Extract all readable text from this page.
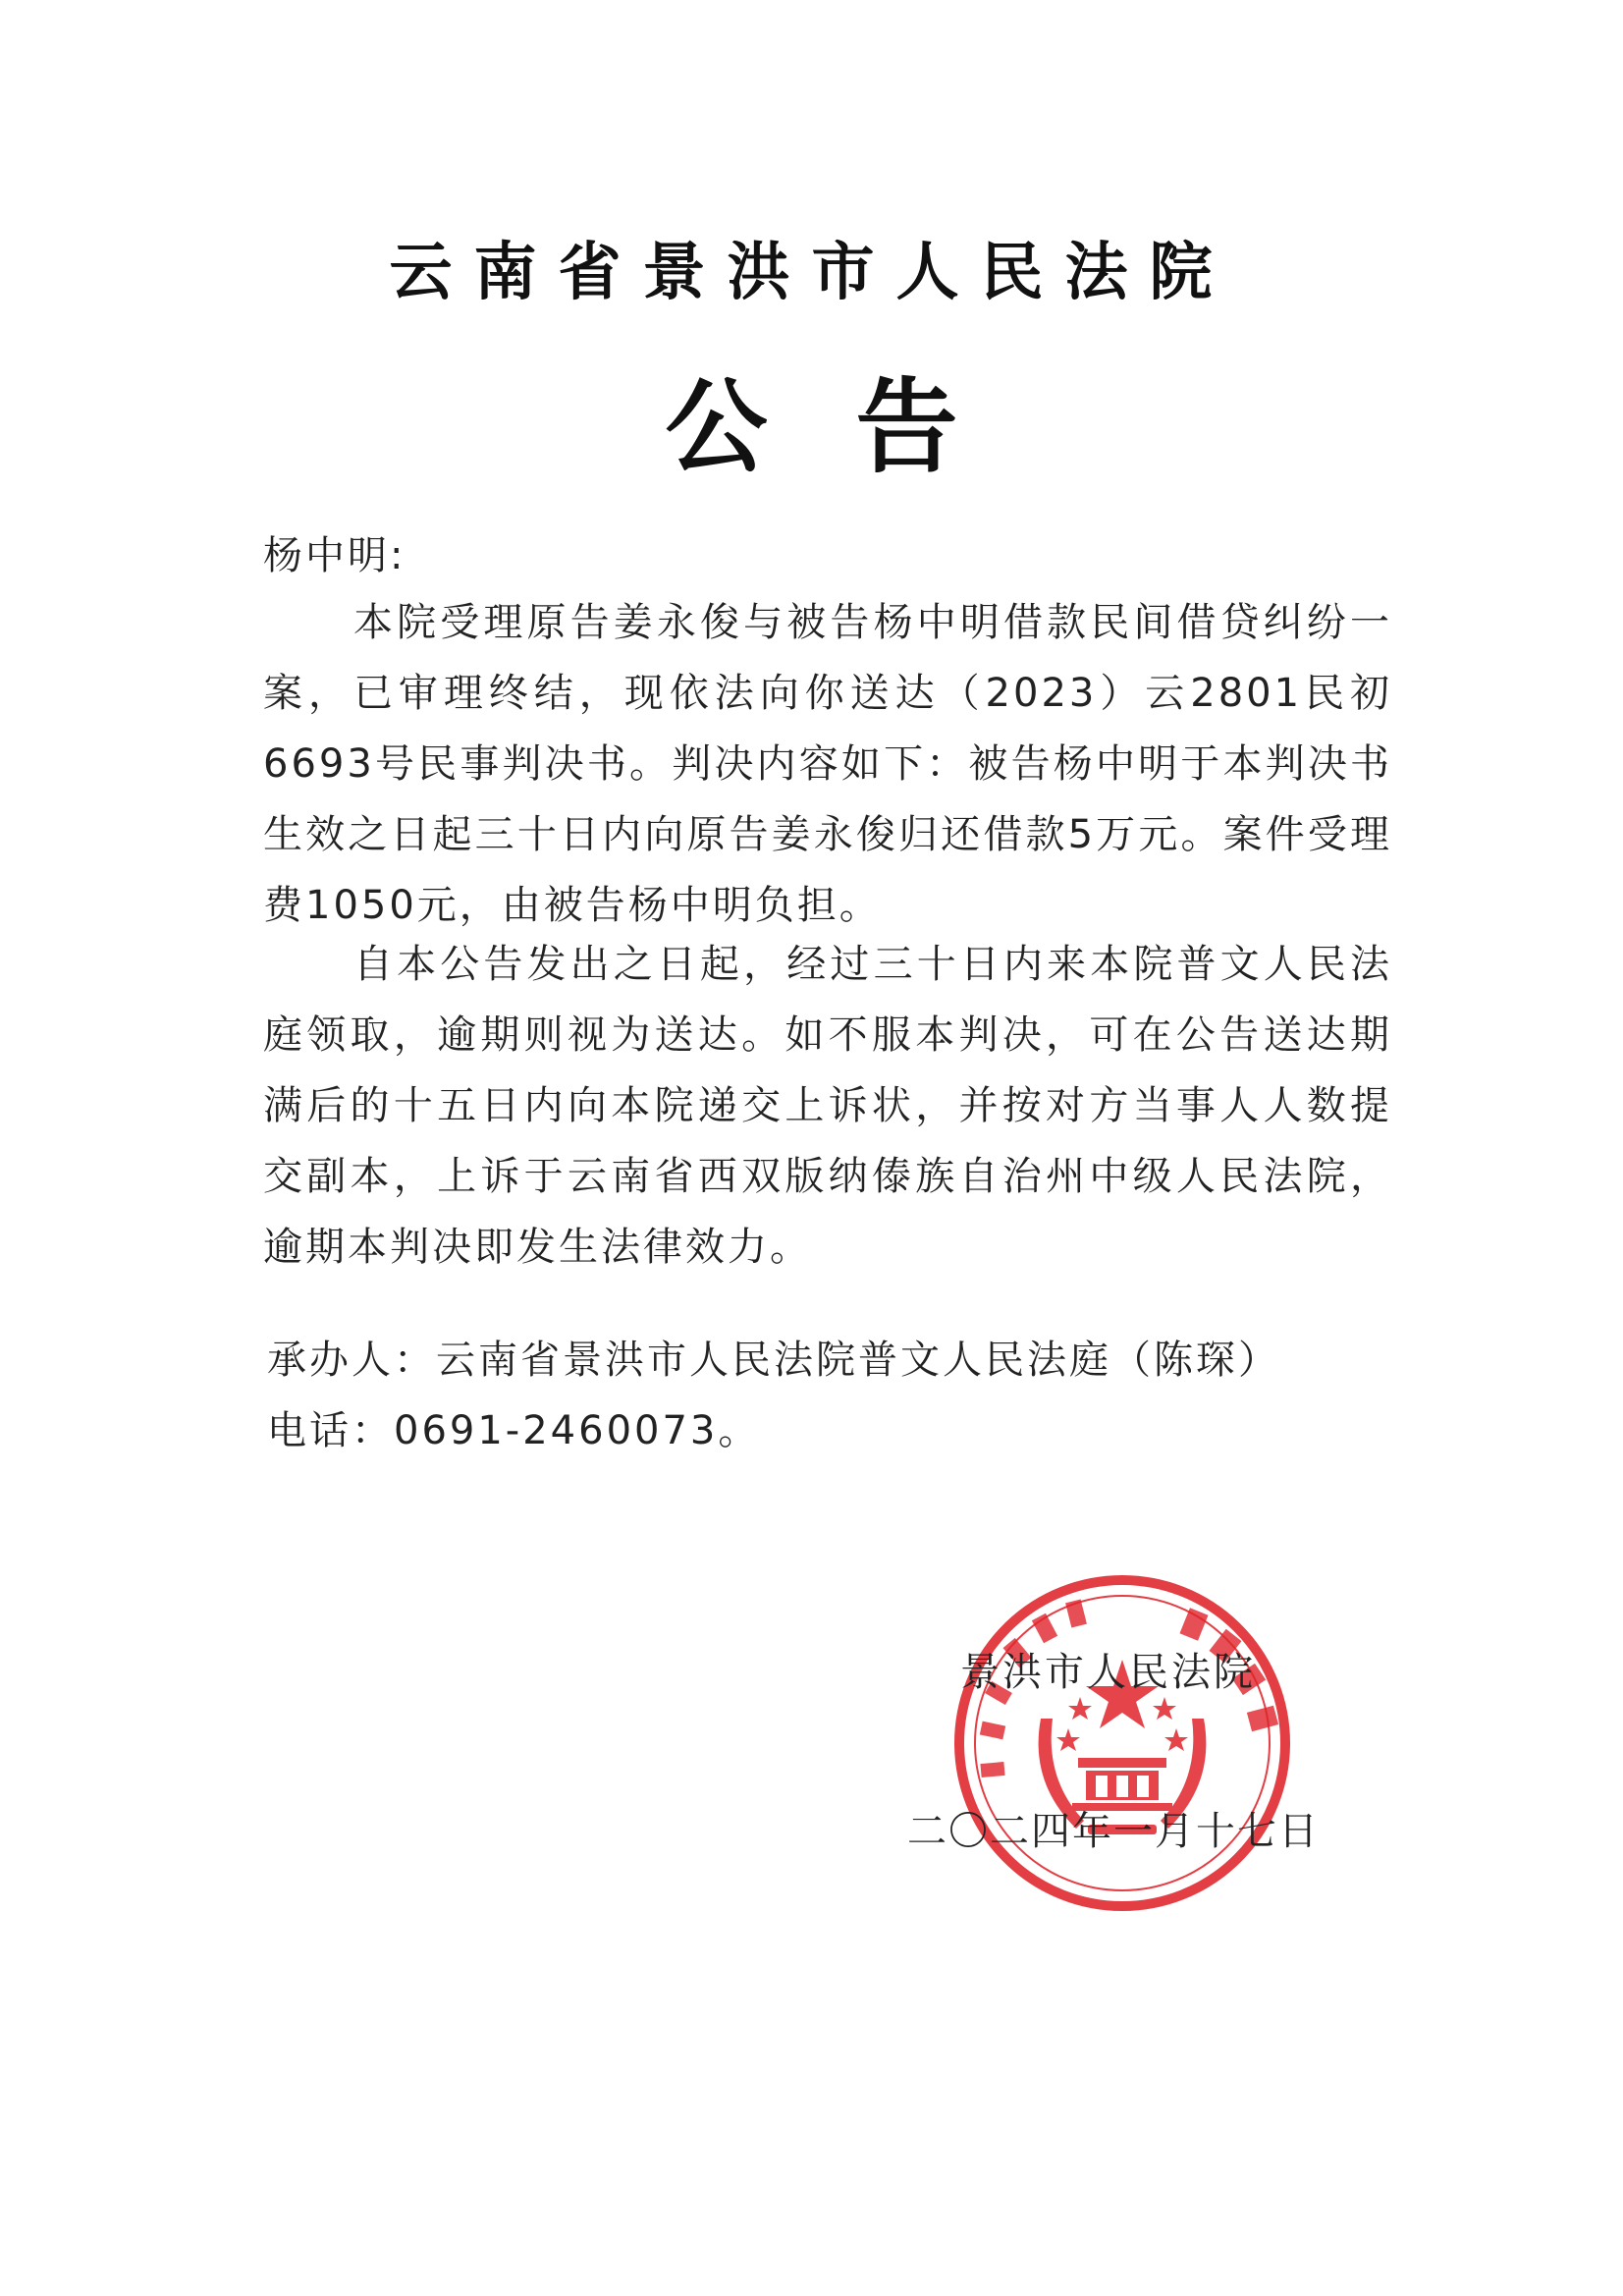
云南省景洪市人民法院
公告
杨中明:

本院受理原告姜永俊与被告杨中明借款民间借贷纠纷一案，已审理终结，现依法向你送达（2023）云2801民初6693号民事判决书。判决内容如下：被告杨中明于本判决书生效之日起三十日内向原告姜永俊归还借款5万元。案件受理费1050元，由被告杨中明负担。

自本公告发出之日起，经过三十日内来本院普文人民法庭领取，逾期则视为送达。如不服本判决，可在公告送达期满后的十五日内向本院递交上诉状，并按对方当事人人数提交副本，上诉于云南省西双版纳傣族自治州中级人民法院，逾期本判决即发生法律效力。

承办人：云南省景洪市人民法院普文人民法庭（陈琛）
电话：0691-2460073。
景洪市人民法院
二〇二四年一月十七日
